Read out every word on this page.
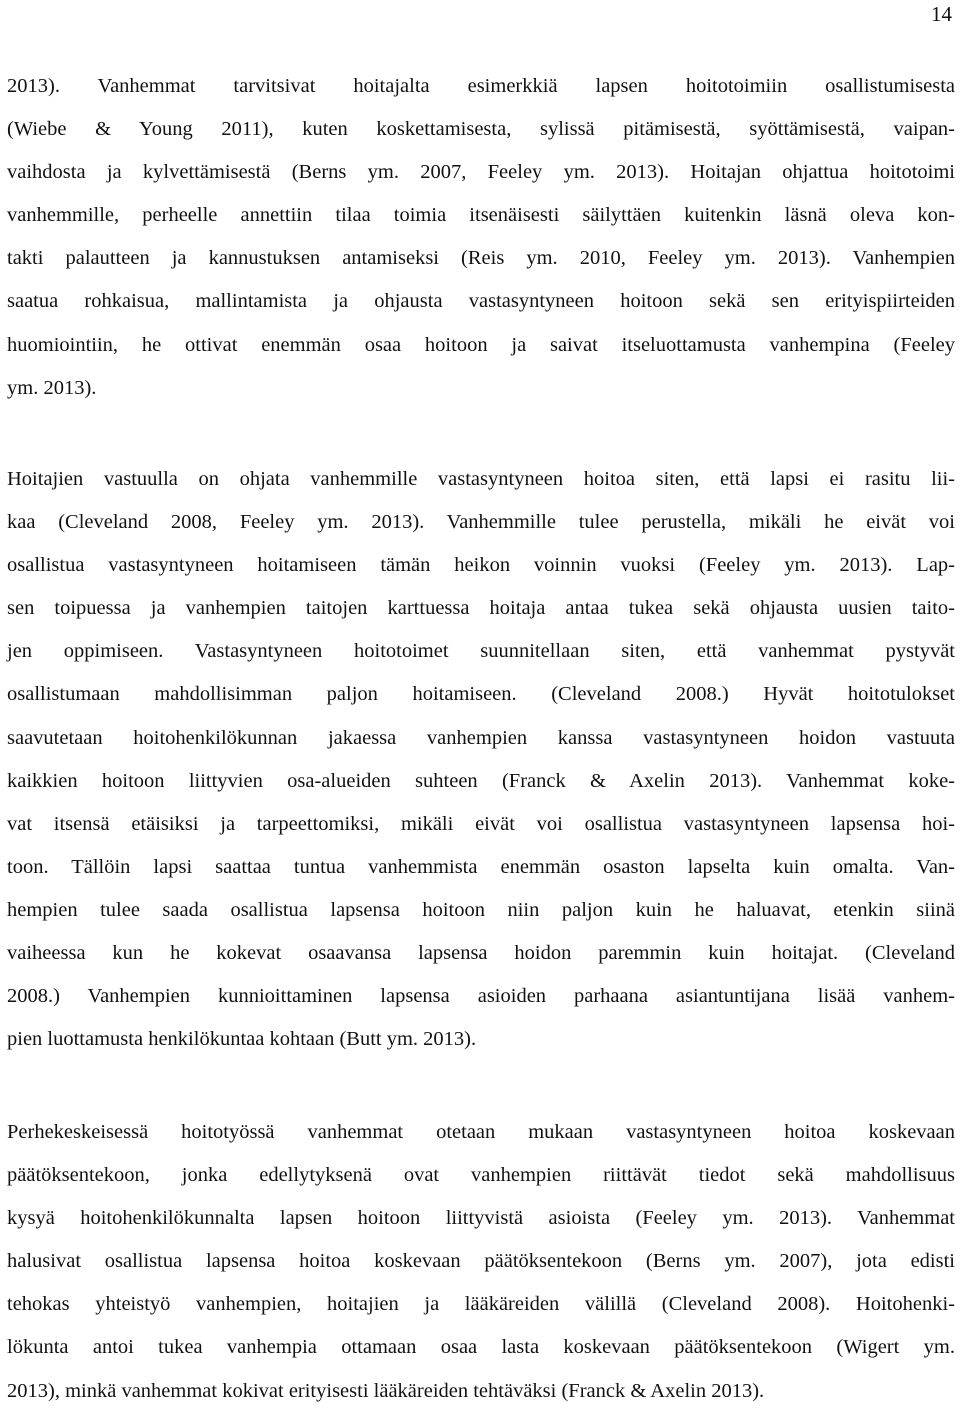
14
2013). Vanhemmat tarvitsivat hoitajalta esimerkkiä lapsen hoitotoimiin osallistumisesta
(Wiebe & Young 2011), kuten koskettamisesta, sylissä pitämisestä, syöttämisestä, vaipan-
vaihdosta ja kylvettämisestä (Berns ym. 2007, Feeley ym. 2013). Hoitajan ohjattua hoitotoimi
vanhemmille, perheelle annettiin tilaa toimia itsenäisesti säilyttäen kuitenkin läsnä oleva kon-
takti palautteen ja kannustuksen antamiseksi (Reis ym. 2010, Feeley ym. 2013). Vanhempien
saatua rohkaisua, mallintamista ja ohjausta vastasyntyneen hoitoon sekä sen erityispiirteiden
huomiointiin, he ottivat enemmän osaa hoitoon ja saivat itseluottamusta vanhempina (Feeley
ym. 2013).
Hoitajien vastuulla on ohjata vanhemmille vastasyntyneen hoitoa siten, että lapsi ei rasitu lii-
kaa (Cleveland 2008, Feeley ym. 2013). Vanhemmille tulee perustella, mikäli he eivät voi
osallistua vastasyntyneen hoitamiseen tämän heikon voinnin vuoksi (Feeley ym. 2013). Lap-
sen toipuessa ja vanhempien taitojen karttuessa hoitaja antaa tukea sekä ohjausta uusien taito-
jen oppimiseen. Vastasyntyneen hoitotoimet suunnitellaan siten, että vanhemmat pystyvät
osallistumaan mahdollisimman paljon hoitamiseen. (Cleveland 2008.) Hyvät hoitotulokset
saavutetaan hoitohenkilökunnan jakaessa vanhempien kanssa vastasyntyneen hoidon vastuuta
kaikkien hoitoon liittyvien osa-alueiden suhteen (Franck & Axelin 2013). Vanhemmat koke-
vat itsensä etäisiksi ja tarpeettomiksi, mikäli eivät voi osallistua vastasyntyneen lapsensa hoi-
toon. Tällöin lapsi saattaa tuntua vanhemmista enemmän osaston lapselta kuin omalta. Van-
hempien tulee saada osallistua lapsensa hoitoon niin paljon kuin he haluavat, etenkin siinä
vaiheessa kun he kokevat osaavansa lapsensa hoidon paremmin kuin hoitajat. (Cleveland
2008.) Vanhempien kunnioittaminen lapsensa asioiden parhaana asiantuntijana lisää vanhem-
pien luottamusta henkilökuntaa kohtaan (Butt ym. 2013).
Perhekeskeisessä hoitotyössä vanhemmat otetaan mukaan vastasyntyneen hoitoa koskevaan
päätöksentekoon, jonka edellytyksenä ovat vanhempien riittävät tiedot sekä mahdollisuus
kysyä hoitohenkilökunnalta lapsen hoitoon liittyvistä asioista (Feeley ym. 2013). Vanhemmat
halusivat osallistua lapsensa hoitoa koskevaan päätöksentekoon (Berns ym. 2007), jota edisti
tehokas yhteistyö vanhempien, hoitajien ja lääkäreiden välillä (Cleveland 2008). Hoitohenki-
lökunta antoi tukea vanhempia ottamaan osaa lasta koskevaan päätöksentekoon (Wigert ym.
2013), minkä vanhemmat kokivat erityisesti lääkäreiden tehtäväksi (Franck & Axelin 2013).
